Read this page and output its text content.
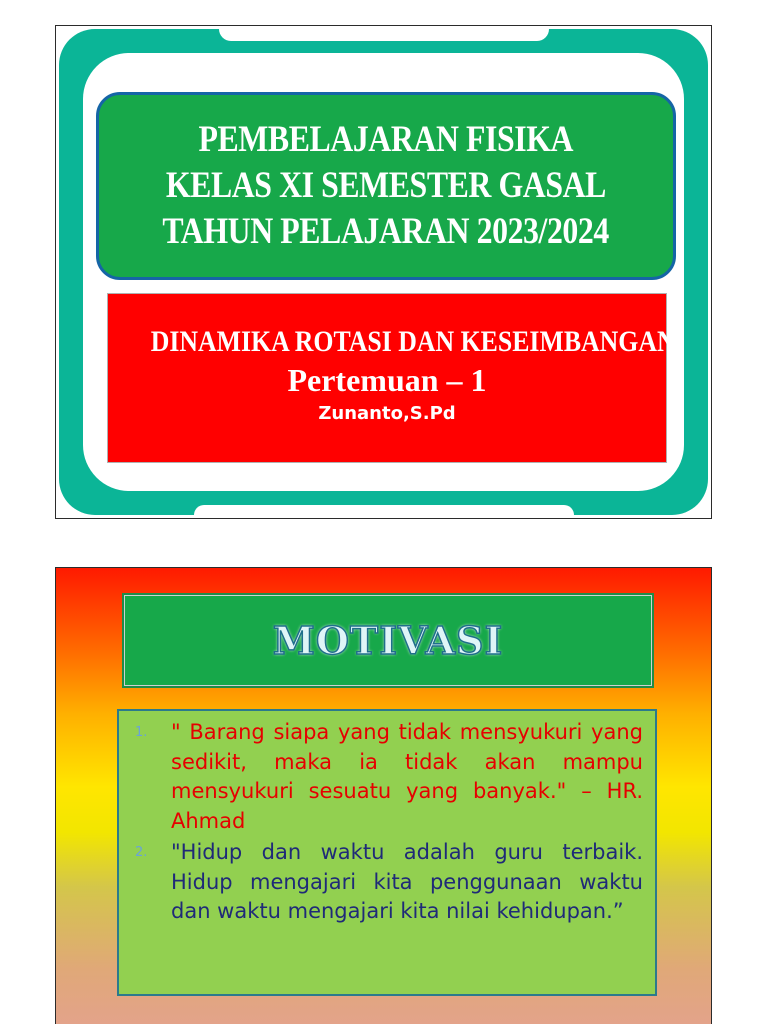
PEMBELAJARAN FISIKA
KELAS XI SEMESTER GASAL
TAHUN PELAJARAN 2023/2024
DINAMIKA ROTASI DAN KESEIMBANGAN
Pertemuan – 1
Zunanto,S.Pd
MOTIVASI
1.	" Barang siapa yang tidak mensyukuri yang sedikit, maka ia tidak akan mampu mensyukuri sesuatu yang banyak." – HR. Ahmad
2.	"Hidup dan waktu adalah guru terbaik. Hidup mengajari kita penggunaan waktu dan waktu mengajari kita nilai kehidupan.”
